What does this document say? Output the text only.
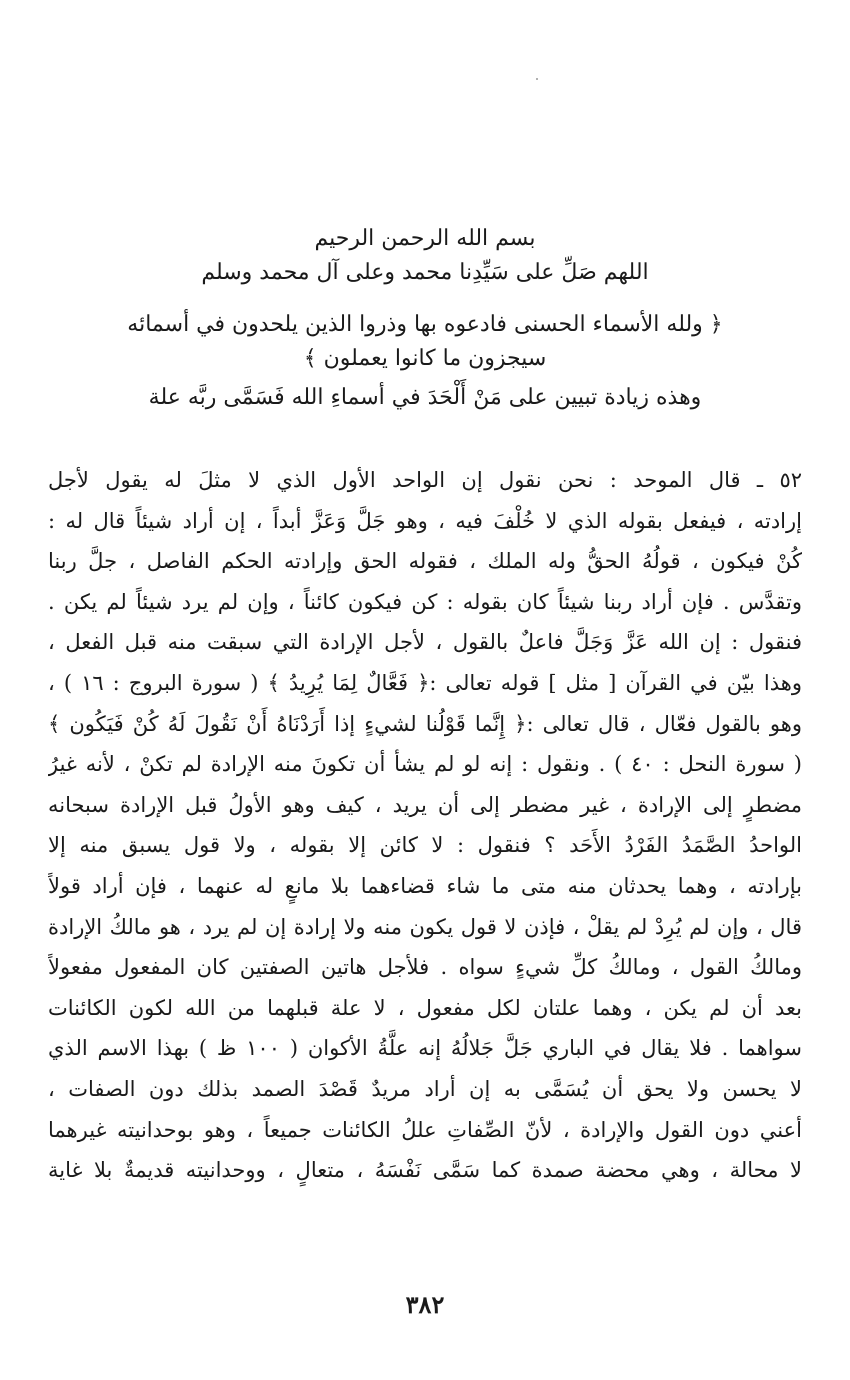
بسم الله الرحمن الرحيم
اللهم صَلِّ على سَيِّدِنا محمد وعلى آل محمد وسلم
﴿ ولله الأسماء الحسنى فادعوه بها وذروا الذين يلحدون في أسمائه
سيجزون ما كانوا يعملون ﴾
وهذه زيادة تبيين على مَنْ أَلْحَدَ في أسماءِ الله فَسَمَّى ربَّه علة
٥٢ ـ قال الموحد : نحن نقول إن الواحد الأول الذي لا مثلَ له يقول لأجل
إرادته ، فيفعل بقوله الذي لا خُلْفَ فيه ، وهو جَلَّ وَعَزَّ أبداً ، إن أراد شيئاً قال له :
كُنْ فيكون ، قولُهُ الحقُّ وله الملك ، فقوله الحق وإرادته الحكم الفاصل ، جلَّ ربنا
وتقدَّس . فإن أراد ربنا شيئاً كان بقوله : كن فيكون كائناً ، وإن لم يرد شيئاً لم يكن .
فنقول : إن الله عَزَّ وَجَلَّ فاعلٌ بالقول ، لأجل الإرادة التي سبقت منه قبل الفعل ،
وهذا بيّن في القرآن [ مثل ] قوله تعالى :﴿ فَعَّالٌ لِمَا يُرِيدُ ﴾ ( سورة البروج : ١٦ ) ،
وهو بالقول فعّال ، قال تعالى :﴿ إِنَّما قَوْلُنا لشيءٍ إذا أَرَدْنَاهُ أَنْ نَقُولَ لَهُ كُنْ فَيَكُون ﴾
( سورة النحل : ٤٠ ) . ونقول : إنه لو لم يشأ أن تكونَ منه الإرادة لم تكنْ ، لأنه غيرُ
مضطرٍ إلى الإرادة ، غير مضطر إلى أن يريد ، كيف وهو الأولُ قبل الإرادة سبحانه
الواحدُ الصَّمَدُ الفَرْدُ الأَحَد ؟ فنقول : لا كائن إلا بقوله ، ولا قول يسبق منه إلا
بإرادته ، وهما يحدثان منه متى ما شاء قضاءهما بلا مانعٍ له عنهما ، فإن أراد قولاً
قال ، وإن لم يُرِدْ لم يقلْ ، فإذن لا قول يكون منه ولا إرادة إن لم يرد ، هو مالكُ الإرادة
ومالكُ القول ، ومالكُ كلِّ شيءٍ سواه . فلأجل هاتين الصفتين كان المفعول مفعولاً
بعد أن لم يكن ، وهما علتان لكل مفعول ، لا علة قبلهما من الله لكون الكائنات
سواهما . فلا يقال في الباري جَلَّ جَلالُهُ إنه علَّةُ الأكوان ( ١٠٠ ظ ) بهذا الاسم الذي
لا يحسن ولا يحق أن يُسَمَّى به إن أراد مريدٌ قَصْدَ الصمد بذلك دون الصفات ،
أعني دون القول والإرادة ، لأنّ الصِّفاتِ عللُ الكائنات جميعاً ، وهو بوحدانيته غيرهما
لا محالة ، وهي محضة صمدة كما سَمَّى نَفْسَهُ ، متعالٍ ، ووحدانيته قديمةٌ بلا غاية
٣٨٢
